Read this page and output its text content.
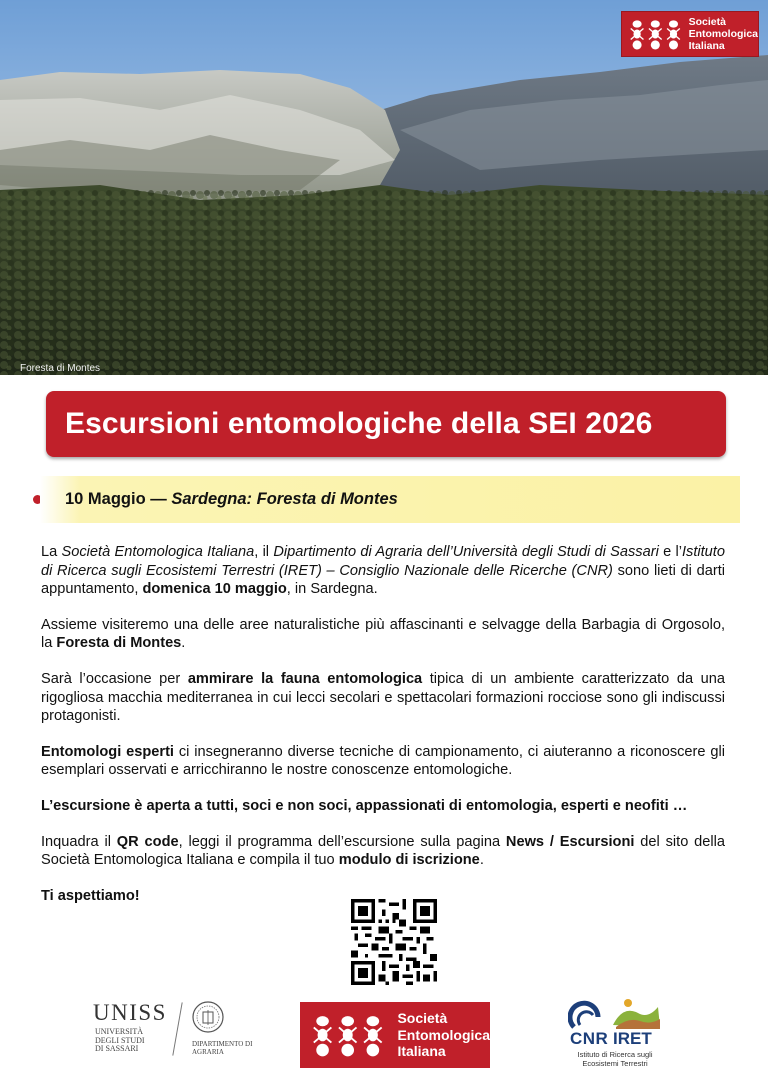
Foresta di Montes
Società
Entomologica
Italiana
Escursioni entomologiche della SEI 2026
10 Maggio — Sardegna: Foresta di Montes

La Società Entomologica Italiana, il Dipartimento di Agraria dell’Università degli Studi di Sassari e l’Istituto di Ricerca sugli Ecosistemi Terrestri (IRET) – Consiglio Nazionale delle Ricerche (CNR) sono lieti di darti appuntamento, domenica 10 maggio, in Sardegna.

Assieme visiteremo una delle aree naturalistiche più affascinanti e selvagge della Barbagia di Orgosolo, la Foresta di Montes.

Sarà l’occasione per ammirare la fauna entomologica tipica di un ambiente caratterizzato da una rigogliosa macchia mediterranea in cui lecci secolari e spettacolari formazioni rocciose sono gli indiscussi protagonisti.

Entomologi esperti ci insegneranno diverse tecniche di campionamento, ci aiuteranno a riconoscere gli esemplari osservati e arricchiranno le nostre conoscenze entomologiche.

L’escursione è aperta a tutti, soci e non soci, appassionati di entomologia, esperti e neofiti …

Inquadra il QR code, leggi il programma dell’escursione sulla pagina News / Escursioni del sito della Società Entomologica Italiana e compila il tuo modulo di iscrizione.

Ti aspettiamo!

UNISS
UNIVERSITÀ
DEGLI STUDI
DI SASSARI	DIPARTIMENTO DI
AGRARIA
Società
Entomologica
Italiana
CNR IRET
Istituto di Ricerca sugli
Ecosistemi Terrestri
